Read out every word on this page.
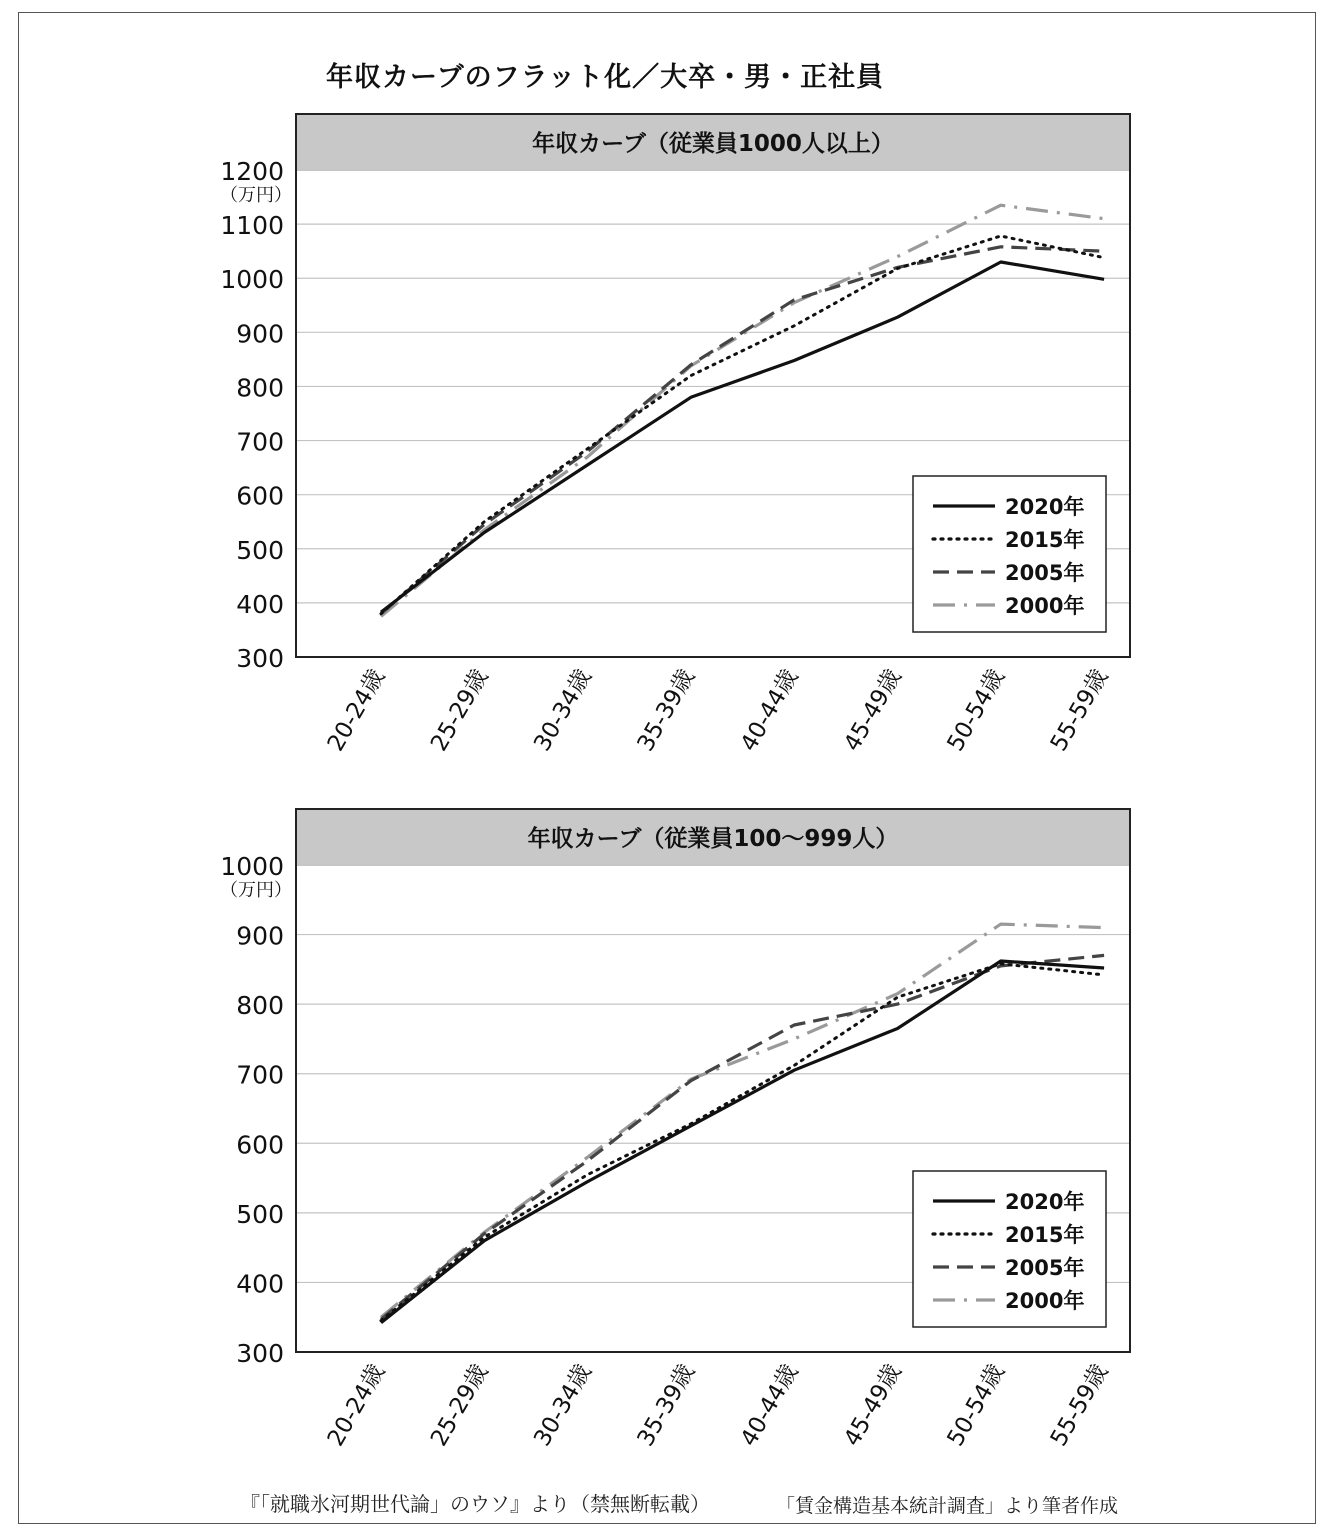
年収カーブのフラット化／大卒・男・正社員
年収カーブ（従業員1000人以上）
300
400
500
600
700
800
900
1000
1100
1200
（万円）
20-24歳 25-29歳 30-34歳 35-39歳 40-44歳 45-49歳 50-54歳 55-59歳
2020年
2015年
2005年
2000年
年収カーブ（従業員100〜999人）
300
400
500
600
700
800
900
1000
（万円）
20-24歳 25-29歳 30-34歳 35-39歳 40-44歳 45-49歳 50-54歳 55-59歳
2020年
2015年
2005年
2000年
『「就職氷河期世代論」のウソ』より（禁無断転載）	「賃金構造基本統計調査」より筆者作成
